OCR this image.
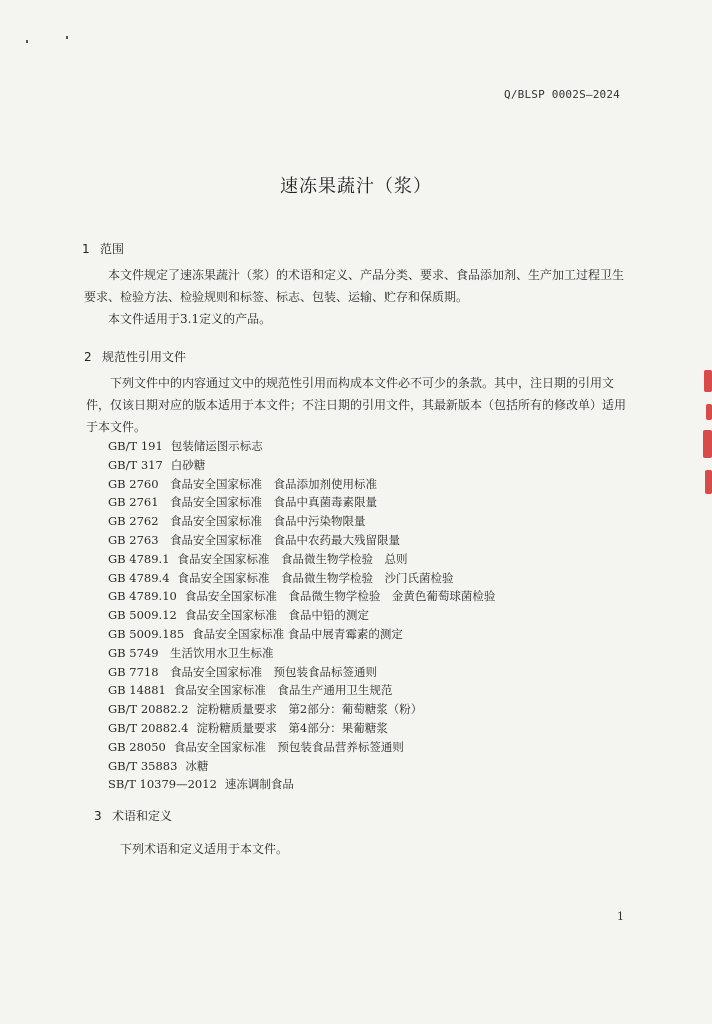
Q/BLSP 0002S—2024
速冻果蔬汁（浆）
1 范围
本文件规定了速冻果蔬汁（浆）的术语和定义、产品分类、要求、食品添加剂、生产加工过程卫生要求、检验方法、检验规则和标签、标志、包装、运输、贮存和保质期。
本文件适用于3.1定义的产品。
2 规范性引用文件
下列文件中的内容通过文中的规范性引用而构成本文件必不可少的条款。其中，注日期的引用文件，仅该日期对应的版本适用于本文件；不注日期的引用文件，其最新版本（包括所有的修改单）适用于本文件。
GB/T 191 包装储运图示标志
GB/T 317 白砂糖
GB 2760 食品安全国家标准　食品添加剂使用标准
GB 2761 食品安全国家标准　食品中真菌毒素限量
GB 2762 食品安全国家标准　食品中污染物限量
GB 2763 食品安全国家标准　食品中农药最大残留限量
GB 4789.1 食品安全国家标准　食品微生物学检验　总则
GB 4789.4 食品安全国家标准　食品微生物学检验　沙门氏菌检验
GB 4789.10 食品安全国家标准　食品微生物学检验　金黄色葡萄球菌检验
GB 5009.12 食品安全国家标准　食品中铅的测定
GB 5009.185 食品安全国家标准 食品中展青霉素的测定
GB 5749 生活饮用水卫生标准
GB 7718 食品安全国家标准　预包装食品标签通则
GB 14881 食品安全国家标准　食品生产通用卫生规范
GB/T 20882.2 淀粉糖质量要求　第2部分：葡萄糖浆（粉）
GB/T 20882.4 淀粉糖质量要求　第4部分：果葡糖浆
GB 28050 食品安全国家标准　预包装食品营养标签通则
GB/T 35883 冰糖
SB/T 10379—2012 速冻调制食品
3 术语和定义
下列术语和定义适用于本文件。
1
